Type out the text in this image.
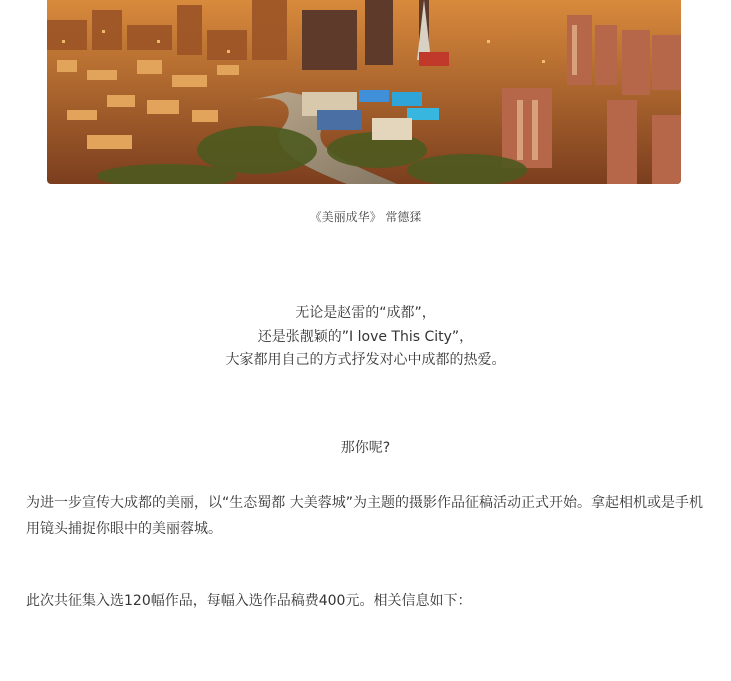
《美丽成华》 常德猱
无论是赵雷的“成都”，
还是张靓颖的”I love This City”，
大家都用自己的方式抒发对心中成都的热爱。
那你呢?
为进一步宣传大成都的美丽，以“生态蜀都 大美蓉城”为主题的摄影作品征稿活动正式开始。拿起相机或是手机用镜头捕捉你眼中的美丽蓉城。
此次共征集入选120幅作品，每幅入选作品稿费400元。相关信息如下：
